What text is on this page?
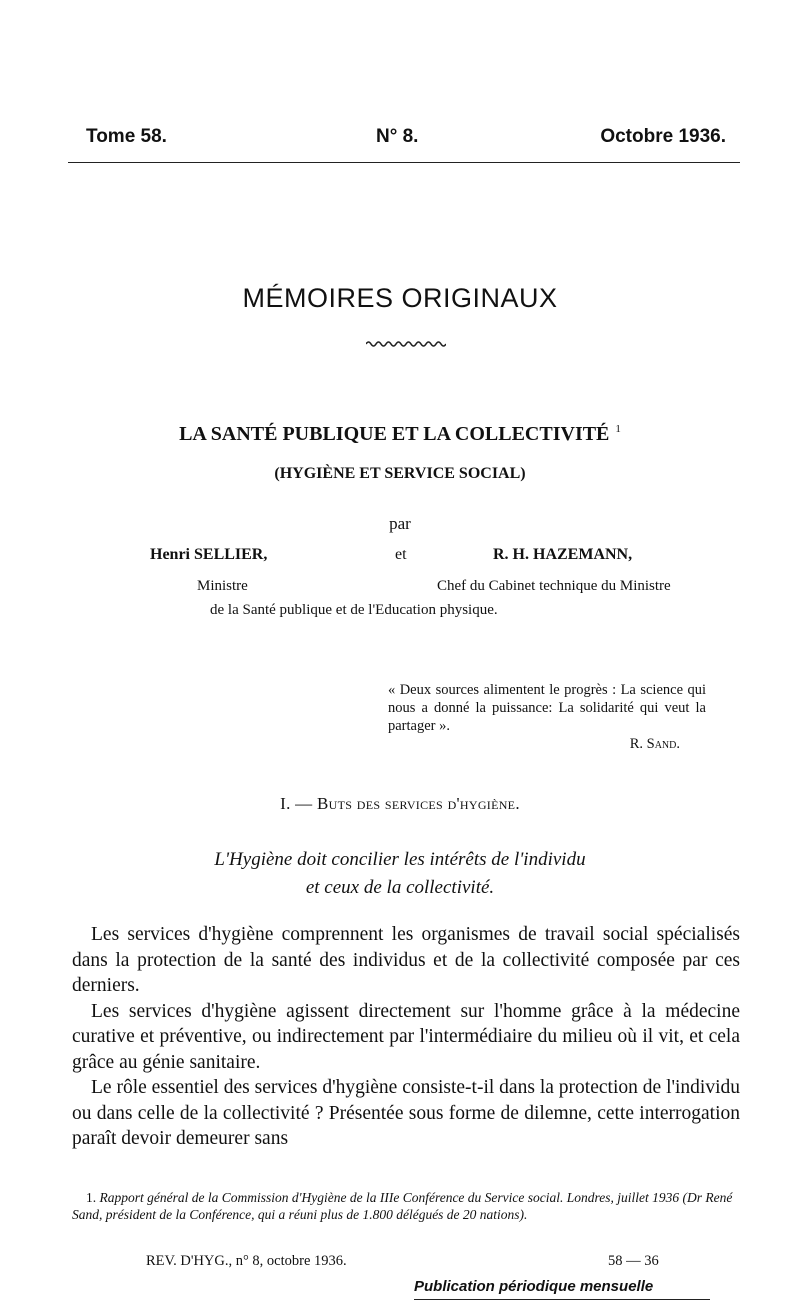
Tome 58.	N° 8.	Octobre 1936.
MÉMOIRES ORIGINAUX
LA SANTÉ PUBLIQUE ET LA COLLECTIVITÉ $^1$
(HYGIÈNE ET SERVICE SOCIAL)
par
Henri SELLIER,	et	R. H. HAZEMANN,
Ministre	Chef du Cabinet technique du Ministre
de la Santé publique et de l'Education physique.
« Deux sources alimentent le progrès : La science qui nous a donné la puissance: La solidarité qui veut la partager ».
R. Sand.
I. — Buts des services d'hygiène.
L'Hygiène doit concilier les intérêts de l'individu
et ceux de la collectivité.

Les services d'hygiène comprennent les organismes de travail social spécialisés dans la protection de la santé des individus et de la collectivité composée par ces derniers.

Les services d'hygiène agissent directement sur l'homme grâce à la médecine curative et préventive, ou indirectement par l'intermédiaire du milieu où il vit, et cela grâce au génie sanitaire.

Le rôle essentiel des services d'hygiène consiste-t-il dans la protection de l'individu ou dans celle de la collectivité ? Présentée sous forme de dilemne, cette interrogation paraît devoir demeurer sans

1. Rapport général de la Commission d'Hygiène de la IIIe Conférence du Service social. Londres, juillet 1936 (Dr René Sand, président de la Conférence, qui a réuni plus de 1.800 délégués de 20 nations).
REV. D'HYG., n° 8, octobre 1936.	58 — 36
Publication périodique mensuelle
